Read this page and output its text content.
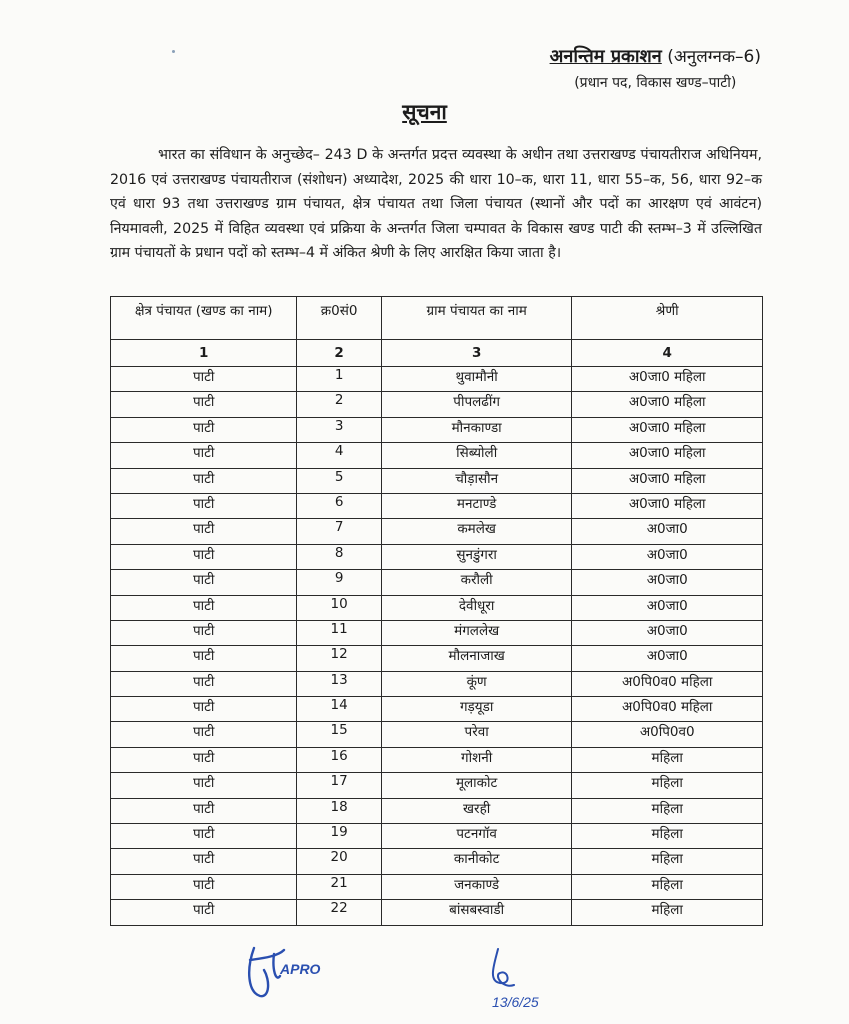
अनन्तिम प्रकाशन (अनुलग्नक–6)
(प्रधान पद, विकास खण्ड–पाटी)
सूचना
भारत का संविधान के अनुच्छेद– 243 D के अन्तर्गत प्रदत्त व्यवस्था के अधीन तथा उत्तराखण्ड पंचायतीराज अधिनियम, 2016 एवं उत्तराखण्ड पंचायतीराज (संशोधन) अध्यादेश, 2025 की धारा 10–क, धारा 11, धारा 55–क, 56, धारा 92–क एवं धारा 93 तथा उत्तराखण्ड ग्राम पंचायत, क्षेत्र पंचायत तथा जिला पंचायत (स्थानों और पदों का आरक्षण एवं आवंटन) नियमावली, 2025 में विहित व्यवस्था एवं प्रक्रिया के अन्तर्गत जिला चम्पावत के विकास खण्ड पाटी की स्तम्भ–3 में उल्लिखित ग्राम पंचायतों के प्रधान पदों को स्तम्भ–4 में अंकित श्रेणी के लिए आरक्षित किया जाता है।
क्षेत्र पंचायत (खण्ड का नाम)	क्र0सं0	ग्राम पंचायत का नाम	श्रेणी
1	2	3	4
पाटी	1	थुवामौनी	अ0जा0 महिला
पाटी	2	पीपलढींग	अ0जा0 महिला
पाटी	3	मौनकाण्डा	अ0जा0 महिला
पाटी	4	सिब्योली	अ0जा0 महिला
पाटी	5	चौड़ासौन	अ0जा0 महिला
पाटी	6	मनटाण्डे	अ0जा0 महिला
पाटी	7	कमलेख	अ0जा0
पाटी	8	सुनडुंगरा	अ0जा0
पाटी	9	करौली	अ0जा0
पाटी	10	देवीधूरा	अ0जा0
पाटी	11	मंगललेख	अ0जा0
पाटी	12	मौलनाजाख	अ0जा0
पाटी	13	कूंण	अ0पि0व0 महिला
पाटी	14	गड़यूडा	अ0पि0व0 महिला
पाटी	15	परेवा	अ0पि0व0
पाटी	16	गोशनी	महिला
पाटी	17	मूलाकोट	महिला
पाटी	18	खरही	महिला
पाटी	19	पटनगॉव	महिला
पाटी	20	कानीकोट	महिला
पाटी	21	जनकाण्डे	महिला
पाटी	22	बांसबस्वाडी	महिला
APRO
13/6/25
